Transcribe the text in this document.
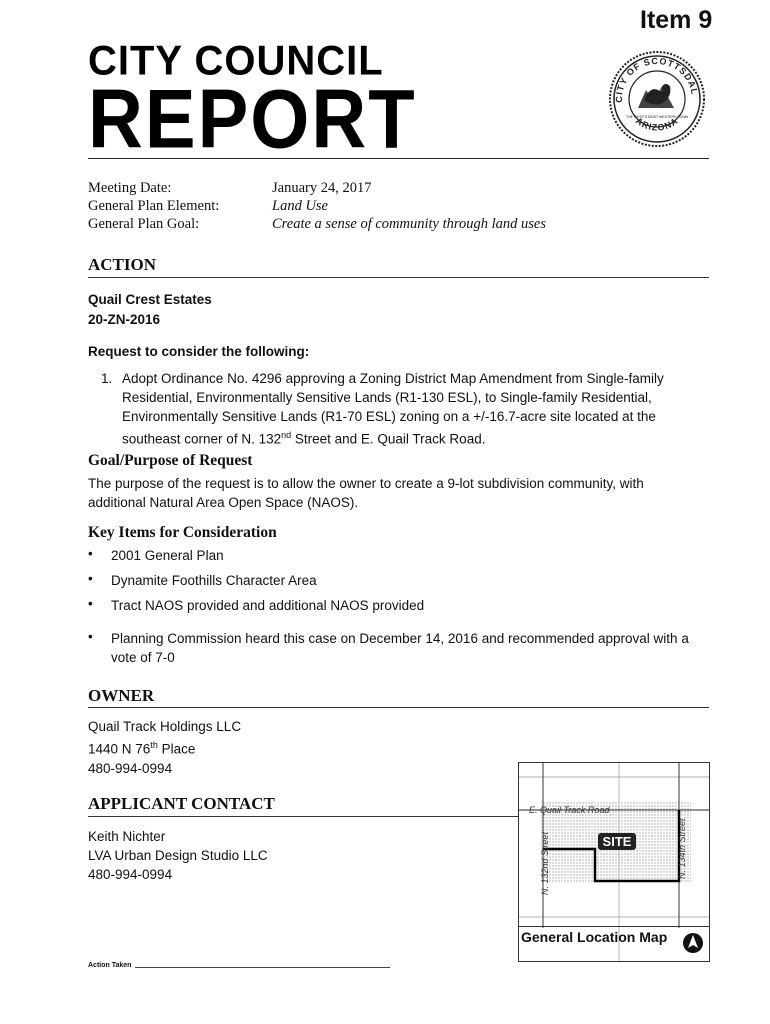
Item 9
CITY COUNCIL
REPORT	CITY OF SCOTTSDAL
ARIZONA
THE WEST'S MOST WESTERN TOWN
Meeting Date:	January 24, 2017
General Plan Element:	Land Use
General Plan Goal:	Create a sense of community through land uses
ACTION
Quail Crest Estates
20-ZN-2016
Request to consider the following:
1. Adopt Ordinance No. 4296 approving a Zoning District Map Amendment from Single-family
Residential, Environmentally Sensitive Lands (R1-130 ESL), to Single-family Residential,
Environmentally Sensitive Lands (R1-70 ESL) zoning on a +/-16.7-acre site located at the
southeast corner of N. 132nd Street and E. Quail Track Road.
Goal/Purpose of Request
The purpose of the request is to allow the owner to create a 9-lot subdivision community, with
additional Natural Area Open Space (NAOS).
Key Items for Consideration
• 2001 General Plan
• Dynamite Foothills Character Area
• Tract NAOS provided and additional NAOS provided
• Planning Commission heard this case on December 14, 2016 and recommended approval with a
vote of 7-0
OWNER
Quail Track Holdings LLC
1440 N 76th Place
480-994-0994
APPLICANT CONTACT
Keith Nichter
LVA Urban Design Studio LLC
480-994-0994
E. Quail Track Road
N. 132nd Street	N. 134th Street
SITE
General Location Map
Action Taken
